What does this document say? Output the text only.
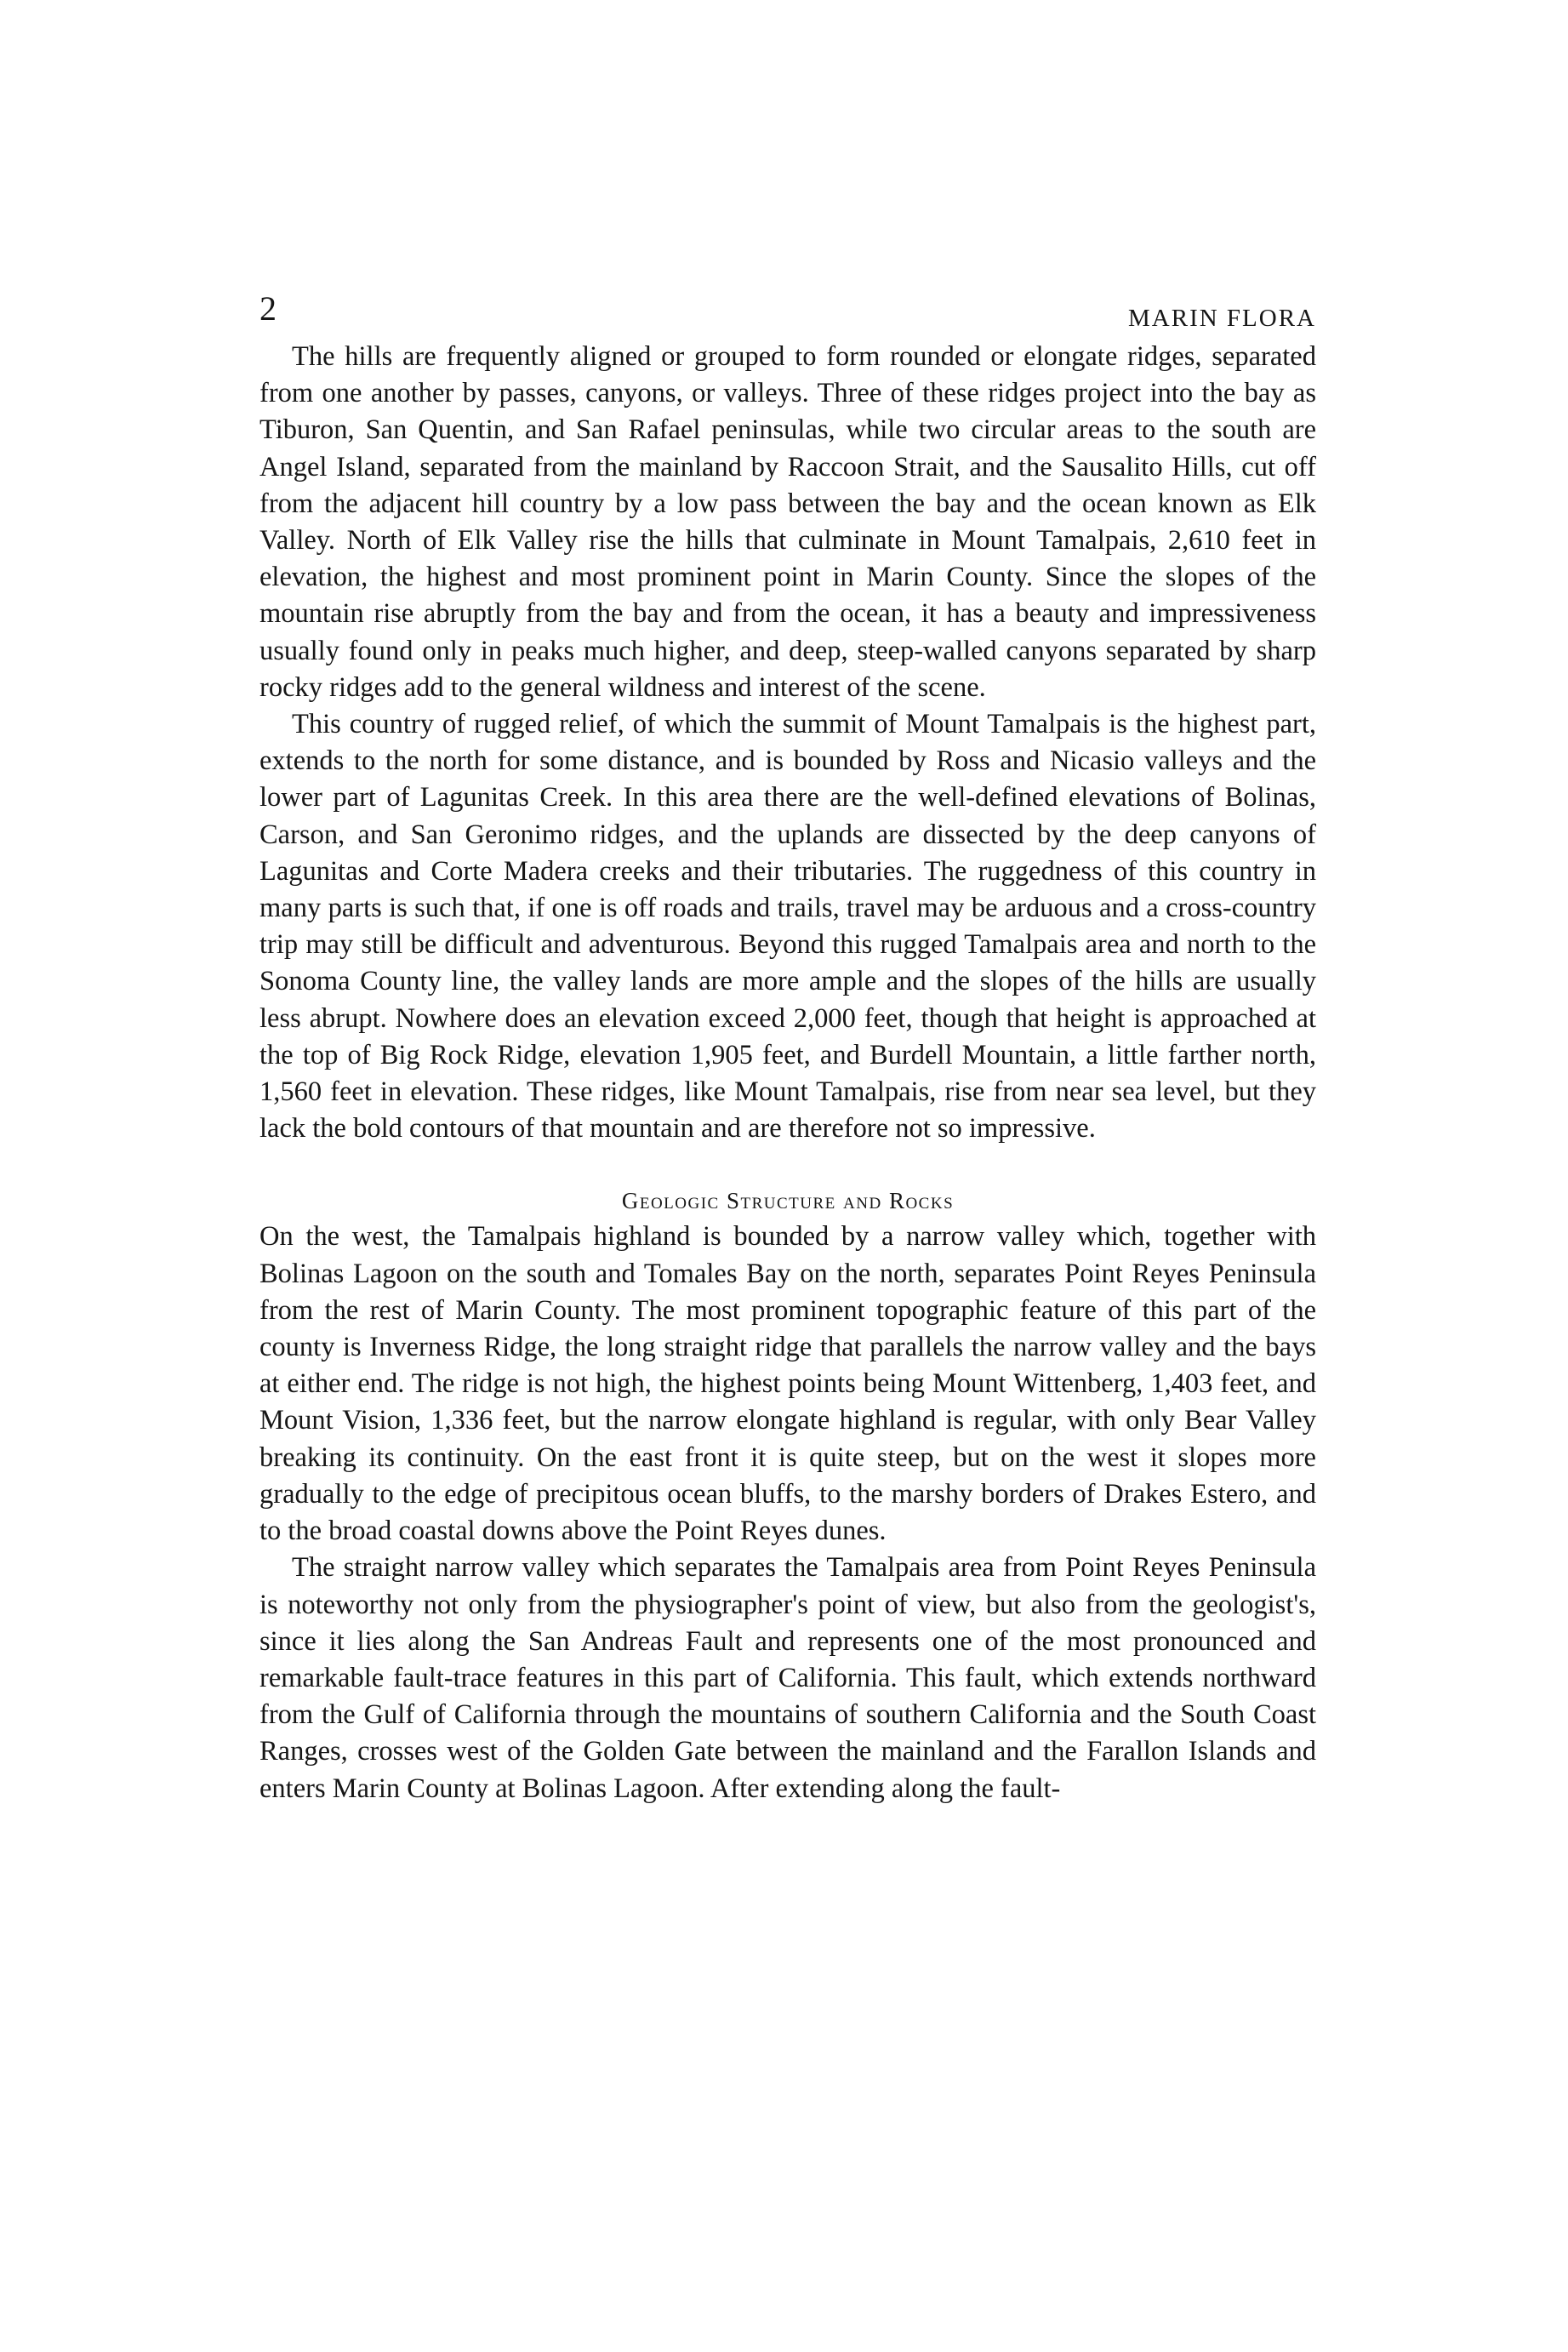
2	MARIN FLORA

The hills are frequently aligned or grouped to form rounded or elongate ridges, separated from one another by passes, canyons, or valleys. Three of these ridges project into the bay as Tiburon, San Quentin, and San Rafael peninsulas, while two circular areas to the south are Angel Island, separated from the mainland by Raccoon Strait, and the Sausalito Hills, cut off from the adjacent hill country by a low pass between the bay and the ocean known as Elk Valley. North of Elk Valley rise the hills that culminate in Mount Tamalpais, 2,610 feet in elevation, the highest and most prominent point in Marin County. Since the slopes of the mountain rise abruptly from the bay and from the ocean, it has a beauty and impressiveness usually found only in peaks much higher, and deep, steep-walled canyons separated by sharp rocky ridges add to the general wildness and interest of the scene.

This country of rugged relief, of which the summit of Mount Tamalpais is the highest part, extends to the north for some distance, and is bounded by Ross and Nicasio valleys and the lower part of Lagunitas Creek. In this area there are the well-defined elevations of Bolinas, Carson, and San Geronimo ridges, and the uplands are dissected by the deep canyons of Lagunitas and Corte Madera creeks and their tributaries. The ruggedness of this country in many parts is such that, if one is off roads and trails, travel may be arduous and a cross-country trip may still be difficult and adventurous. Beyond this rugged Tamalpais area and north to the Sonoma County line, the valley lands are more ample and the slopes of the hills are usually less abrupt. Nowhere does an elevation exceed 2,000 feet, though that height is approached at the top of Big Rock Ridge, elevation 1,905 feet, and Burdell Mountain, a little farther north, 1,560 feet in elevation. These ridges, like Mount Tamalpais, rise from near sea level, but they lack the bold contours of that mountain and are therefore not so impressive.

Geologic Structure and Rocks

On the west, the Tamalpais highland is bounded by a narrow valley which, together with Bolinas Lagoon on the south and Tomales Bay on the north, separates Point Reyes Peninsula from the rest of Marin County. The most prominent topographic feature of this part of the county is Inverness Ridge, the long straight ridge that parallels the narrow valley and the bays at either end. The ridge is not high, the highest points being Mount Wittenberg, 1,403 feet, and Mount Vision, 1,336 feet, but the narrow elongate highland is regular, with only Bear Valley breaking its continuity. On the east front it is quite steep, but on the west it slopes more gradually to the edge of precipitous ocean bluffs, to the marshy borders of Drakes Estero, and to the broad coastal downs above the Point Reyes dunes.

The straight narrow valley which separates the Tamalpais area from Point Reyes Peninsula is noteworthy not only from the physiographer's point of view, but also from the geologist's, since it lies along the San Andreas Fault and represents one of the most pronounced and remarkable fault-trace features in this part of California. This fault, which extends northward from the Gulf of California through the mountains of southern California and the South Coast Ranges, crosses west of the Golden Gate between the mainland and the Farallon Islands and enters Marin County at Bolinas Lagoon. After extending along the fault-
